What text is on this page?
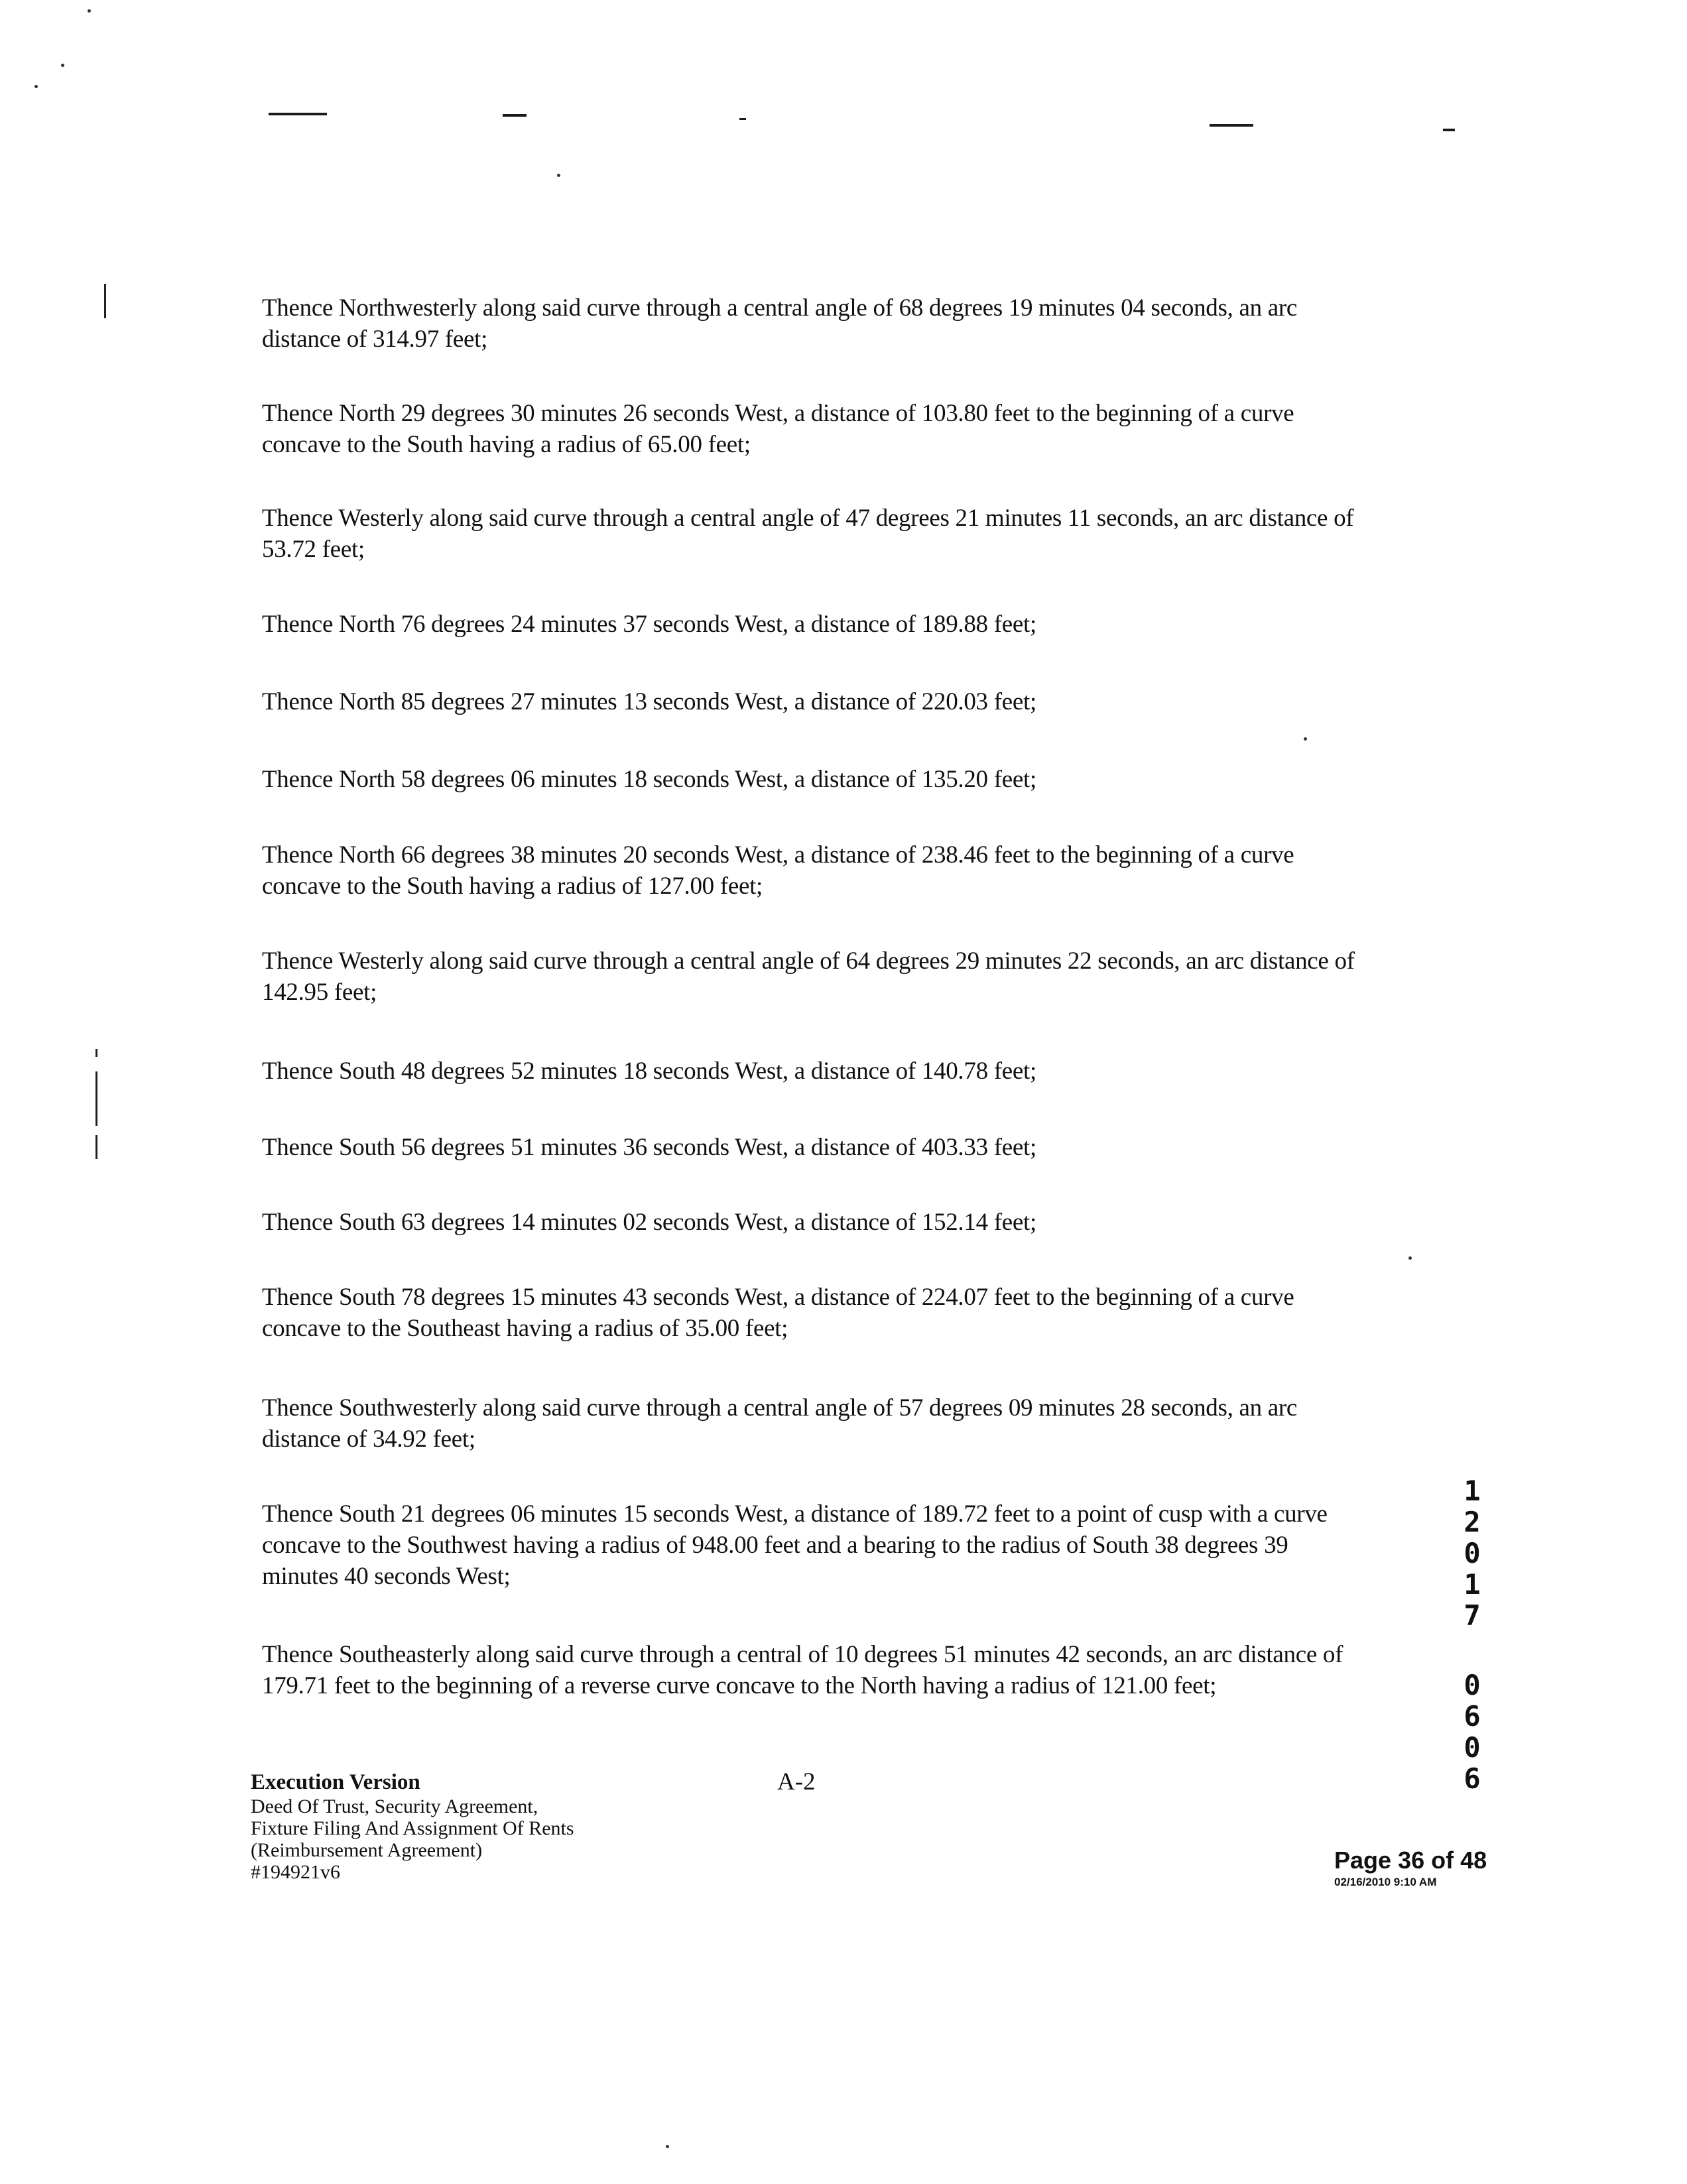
Thence Northwesterly along said curve through a central angle of 68 degrees 19 minutes 04 seconds, an arc distance of 314.97 feet;

Thence North 29 degrees 30 minutes 26 seconds West, a distance of 103.80 feet to the beginning of a curve concave to the South having a radius of 65.00 feet;

Thence Westerly along said curve through a central angle of 47 degrees 21 minutes 11 seconds, an arc distance of 53.72 feet;

Thence North 76 degrees 24 minutes 37 seconds West, a distance of 189.88 feet;

Thence North 85 degrees 27 minutes 13 seconds West, a distance of 220.03 feet;

Thence North 58 degrees 06 minutes 18 seconds West, a distance of 135.20 feet;

Thence North 66 degrees 38 minutes 20 seconds West, a distance of 238.46 feet to the beginning of a curve concave to the South having a radius of 127.00 feet;

Thence Westerly along said curve through a central angle of 64 degrees 29 minutes 22 seconds, an arc distance of 142.95 feet;

Thence South 48 degrees 52 minutes 18 seconds West, a distance of 140.78 feet;

Thence South 56 degrees 51 minutes 36 seconds West, a distance of 403.33 feet;

Thence South 63 degrees 14 minutes 02 seconds West, a distance of 152.14 feet;

Thence South 78 degrees 15 minutes 43 seconds West, a distance of 224.07 feet to the beginning of a curve concave to the Southeast having a radius of 35.00 feet;

Thence Southwesterly along said curve through a central angle of 57 degrees 09 minutes 28 seconds, an arc distance of 34.92 feet;

Thence South 21 degrees 06 minutes 15 seconds West, a distance of 189.72 feet to a point of cusp with a curve concave to the Southwest having a radius of 948.00 feet and a bearing to the radius of South 38 degrees 39 minutes 40 seconds West;

Thence Southeasterly along said curve through a central of 10 degrees 51 minutes 42 seconds, an arc distance of 179.71 feet to the beginning of a reverse curve concave to the North having a radius of 121.00 feet;

1
2
0
1
7
0
6
0
6
Execution Version
Deed Of Trust, Security Agreement,
Fixture Filing And Assignment Of Rents
(Reimbursement Agreement)
#194921v6
A-2
Page 36 of 48
02/16/2010 9:10 AM
